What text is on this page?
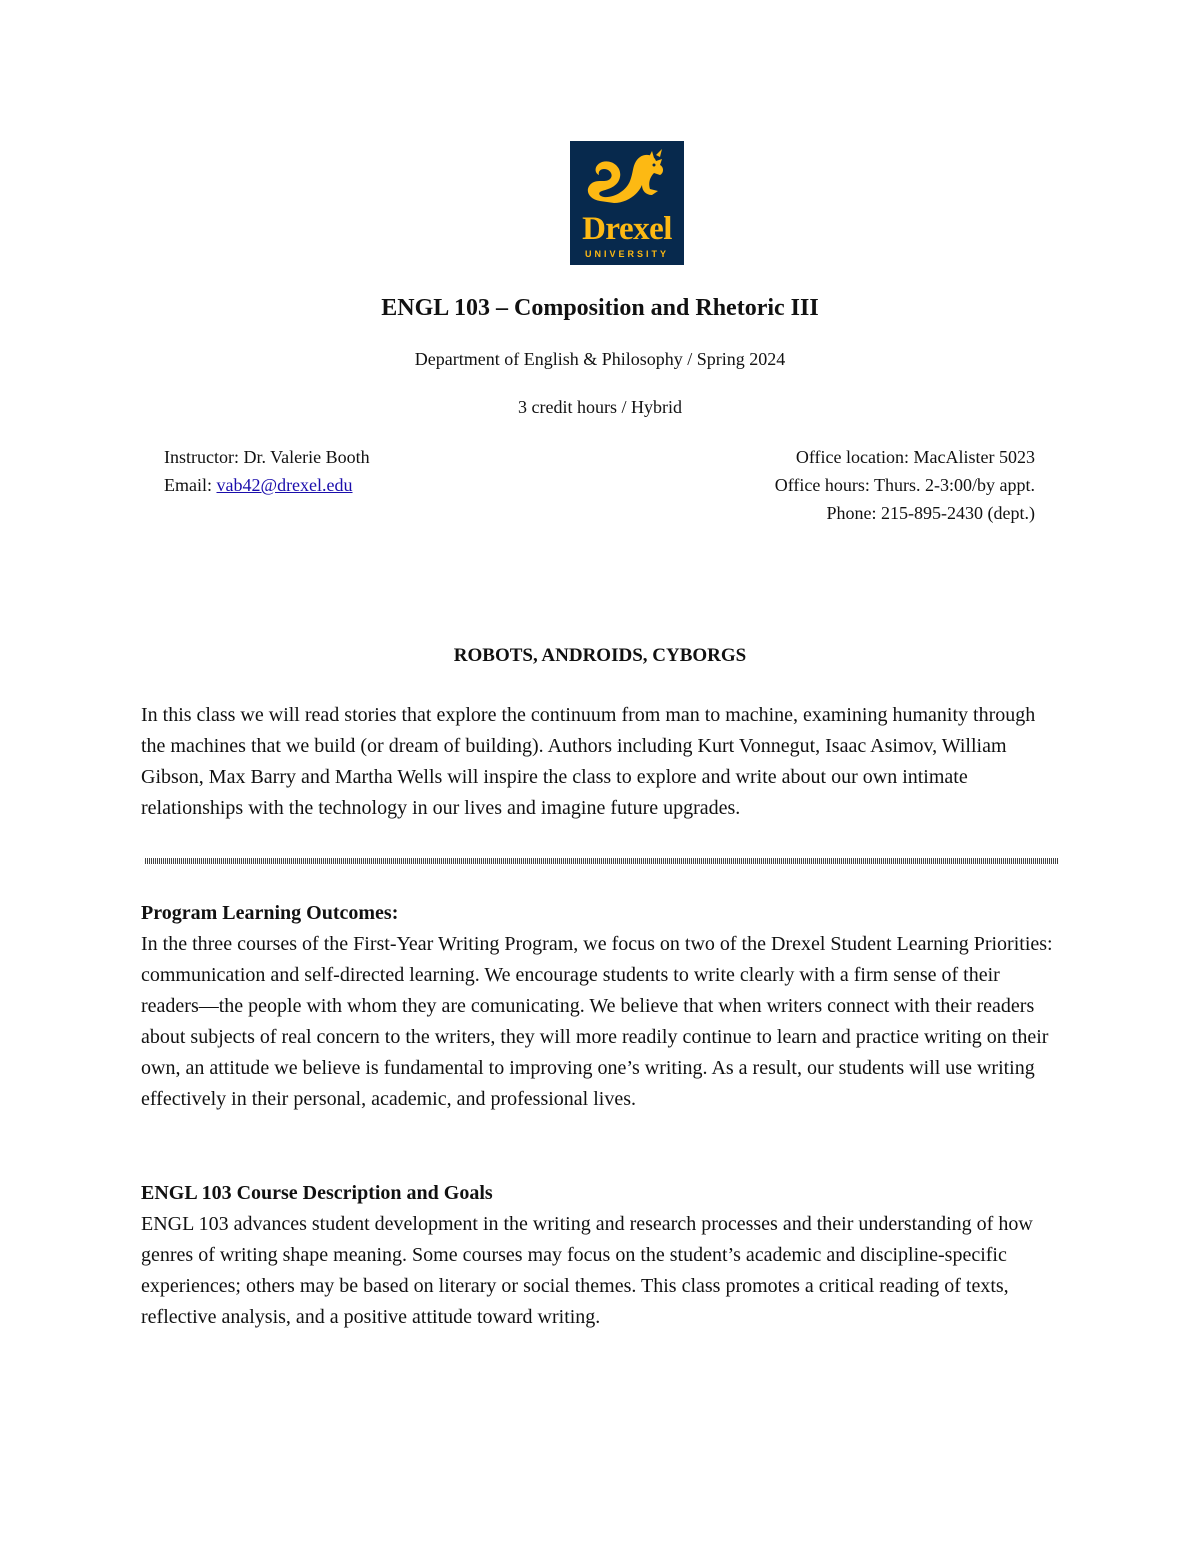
Drexel
UNIVERSITY
ENGL 103 – Composition and Rhetoric III
Department of English & Philosophy / Spring 2024
3 credit hours / Hybrid
Instructor: Dr. Valerie Booth
Email: vab42@drexel.edu
Office location: MacAlister 5023
Office hours: Thurs. 2-3:00/by appt.
Phone: 215-895-2430 (dept.)
ROBOTS, ANDROIDS, CYBORGS
In this class we will read stories that explore the continuum from man to machine, examining humanity through the machines that we build (or dream of building). Authors including Kurt Vonnegut, Isaac Asimov, William Gibson, Max Barry and Martha Wells will inspire the class to explore and write about our own intimate relationships with the technology in our lives and imagine future upgrades.
Program Learning Outcomes:
In the three courses of the First-Year Writing Program, we focus on two of the Drexel Student Learning Priorities: communication and self-directed learning. We encourage students to write clearly with a firm sense of their readers—the people with whom they are comunicating. We believe that when writers connect with their readers about subjects of real concern to the writers, they will more readily continue to learn and practice writing on their own, an attitude we believe is fundamental to improving one’s writing. As a result, our students will use writing effectively in their personal, academic, and professional lives.
ENGL 103 Course Description and Goals
ENGL 103 advances student development in the writing and research processes and their understanding of how genres of writing shape meaning. Some courses may focus on the student’s academic and discipline-specific experiences; others may be based on literary or social themes. This class promotes a critical reading of texts, reflective analysis, and a positive attitude toward writing.
